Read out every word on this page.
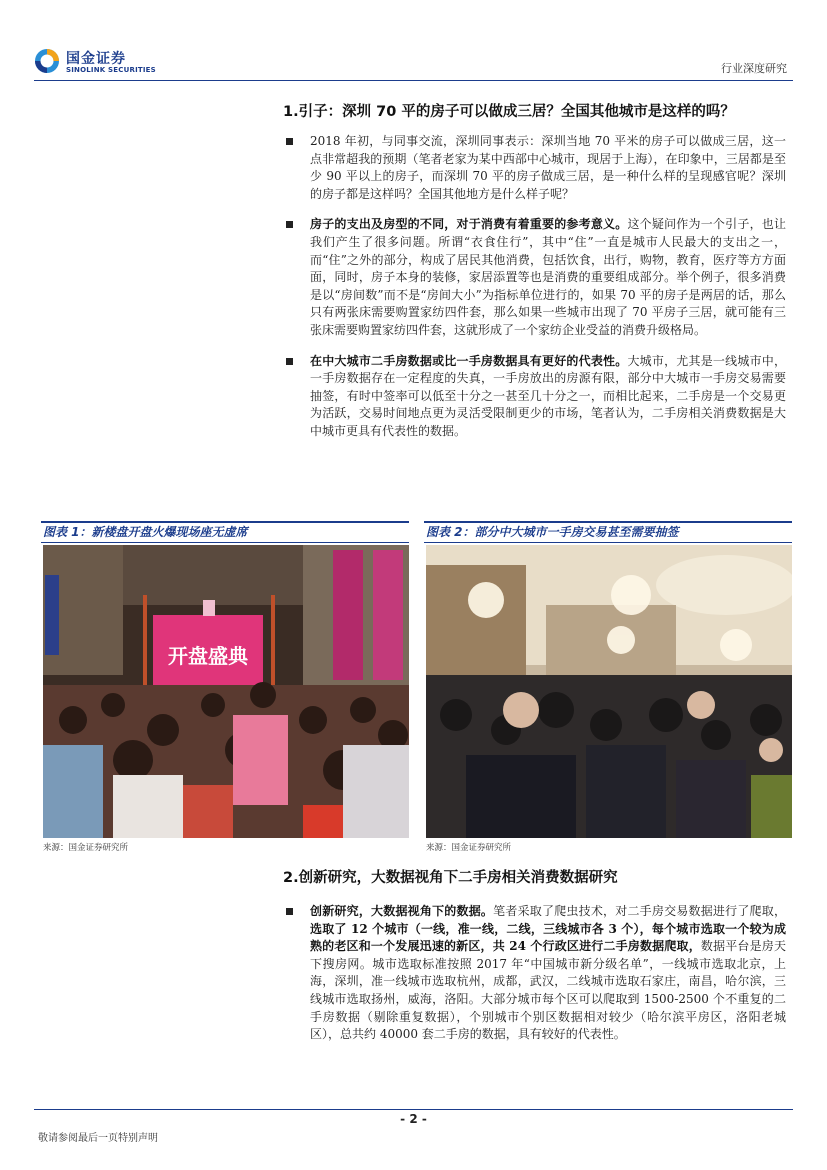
国金证券
SINOLINK SECURITIES	行业深度研究
1.引子：深圳 70 平的房子可以做成三居？全国其他城市是这样的吗？

2018 年初，与同事交流，深圳同事表示：深圳当地 70 平米的房子可以做成三居，这一点非常超我的预期（笔者老家为某中西部中心城市，现居于上海），在印象中，三居都是至少 90 平以上的房子，而深圳 70 平的房子做成三居，是一种什么样的呈现感官呢？深圳的房子都是这样吗？全国其他地方是什么样子呢？

房子的支出及房型的不同，对于消费有着重要的参考意义。这个疑问作为一个引子，也让我们产生了很多问题。所谓“衣食住行”，其中“住”一直是城市人民最大的支出之一，而“住”之外的部分，构成了居民其他消费，包括饮食，出行，购物，教育，医疗等方方面面，同时，房子本身的装修，家居添置等也是消费的重要组成部分。举个例子，很多消费是以“房间数”而不是“房间大小”为指标单位进行的，如果 70 平的房子是两居的话，那么只有两张床需要购置家纺四件套，那么如果一些城市出现了 70 平房子三居，就可能有三张床需要购置家纺四件套，这就形成了一个家纺企业受益的消费升级格局。

在中大城市二手房数据或比一手房数据具有更好的代表性。大城市，尤其是一线城市中，一手房数据存在一定程度的失真，一手房放出的房源有限，部分中大城市一手房交易需要抽签，有时中签率可以低至十分之一甚至几十分之一，而相比起来，二手房是一个交易更为活跃，交易时间地点更为灵活受限制更少的市场，笔者认为，二手房相关消费数据是大中城市更具有代表性的数据。

图表 1：新楼盘开盘火爆现场座无虚席
开盘盛典
来源：国金证券研究所
图表 2：部分中大城市一手房交易甚至需要抽签
来源：国金证券研究所
2.创新研究，大数据视角下二手房相关消费数据研究

创新研究，大数据视角下的数据。笔者采取了爬虫技术，对二手房交易数据进行了爬取，选取了 12 个城市（一线，准一线，二线，三线城市各 3 个），每个城市选取一个较为成熟的老区和一个发展迅速的新区，共 24 个行政区进行二手房数据爬取，数据平台是房天下搜房网。城市选取标准按照 2017 年“中国城市新分级名单”，一线城市选取北京，上海，深圳，准一线城市选取杭州，成都，武汉，二线城市选取石家庄，南昌，哈尔滨，三线城市选取扬州，威海，洛阳。大部分城市每个区可以爬取到 1500-2500 个不重复的二手房数据（剔除重复数据），个别城市个别区数据相对较少（哈尔滨平房区，洛阳老城区），总共约 40000 套二手房的数据，具有较好的代表性。

- 2 -
敬请参阅最后一页特别声明
